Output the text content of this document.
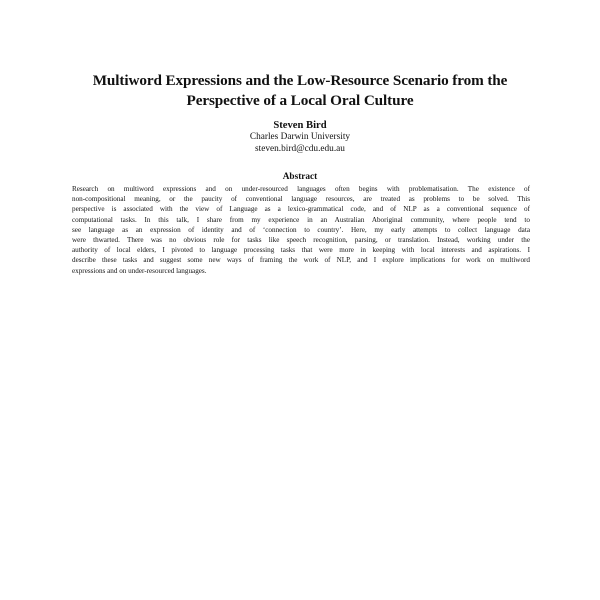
Multiword Expressions and the Low-Resource Scenario from the
Perspective of a Local Oral Culture
Steven Bird
Charles Darwin University
steven.bird@cdu.edu.au
Abstract
Research on multiword expressions and on under-resourced languages often begins with problematisation. The existence of
non-compositional meaning, or the paucity of conventional language resources, are treated as problems to be solved. This
perspective is associated with the view of Language as a lexico-grammatical code, and of NLP as a conventional sequence of
computational tasks. In this talk, I share from my experience in an Australian Aboriginal community, where people tend to
see language as an expression of identity and of ‘connection to country’. Here, my early attempts to collect language data
were thwarted. There was no obvious role for tasks like speech recognition, parsing, or translation. Instead, working under the
authority of local elders, I pivoted to language processing tasks that were more in keeping with local interests and aspirations. I
describe these tasks and suggest some new ways of framing the work of NLP, and I explore implications for work on multiword
expressions and on under-resourced languages.
